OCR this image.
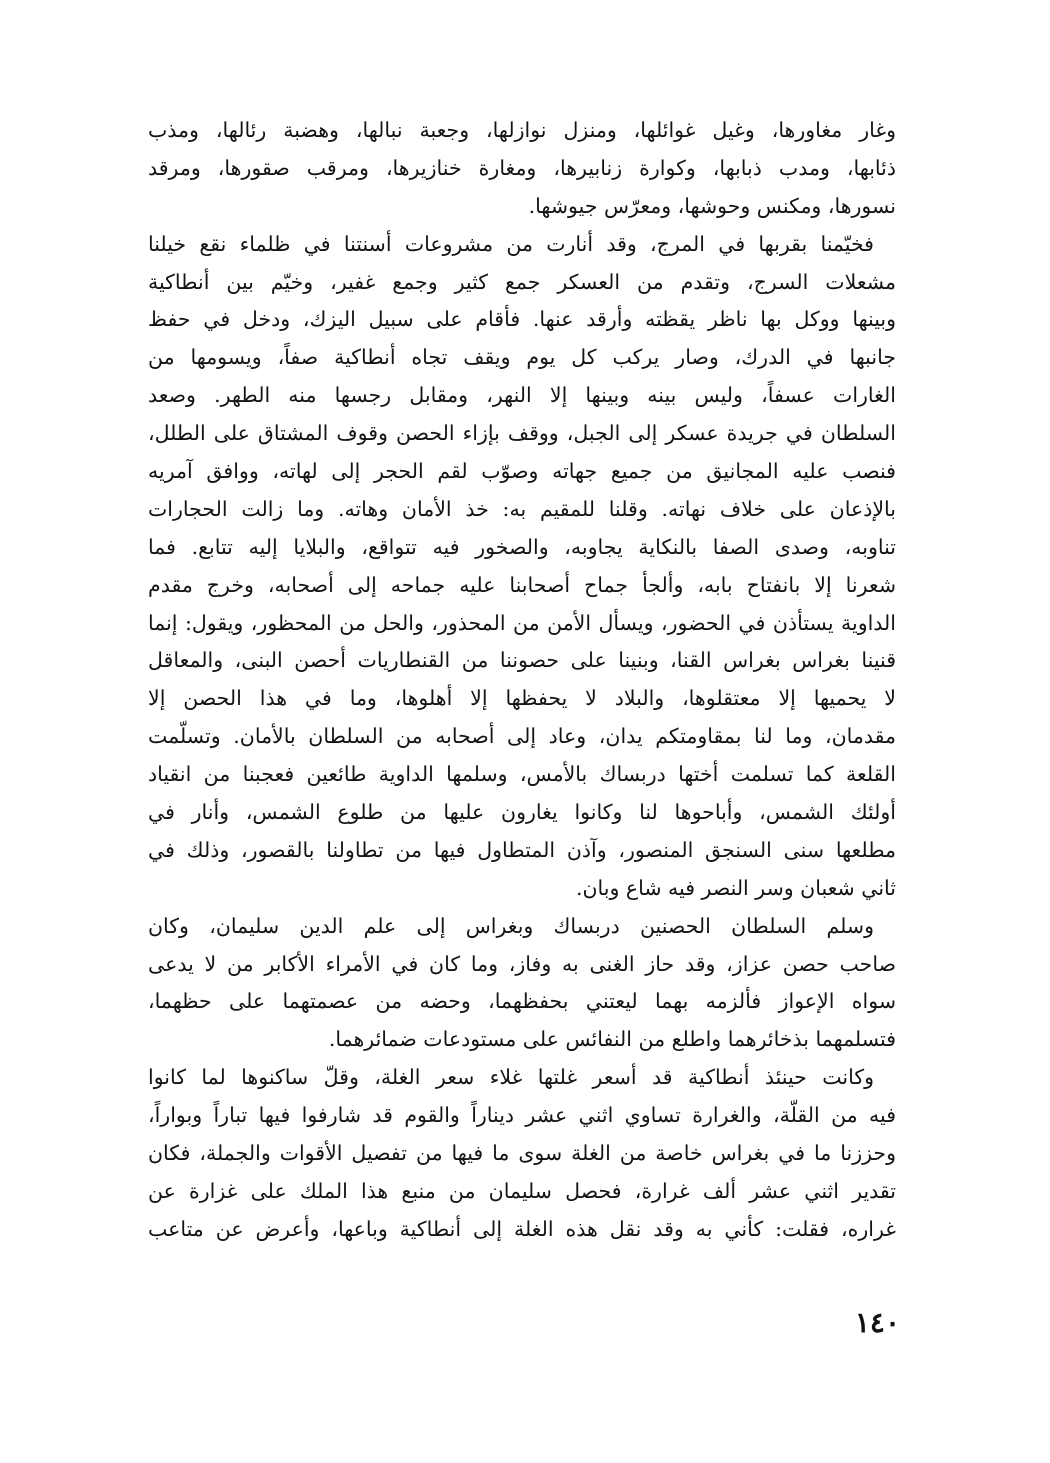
وغار مغاورها، وغيل غوائلها، ومنزل نوازلها، وجعبة نبالها، وهضبة رئالها، ومذب
ذئابها، ومدب ذبابها، وكوارة زنابيرها، ومغارة خنازيرها، ومرقب صقورها، ومرقد
نسورها، ومكنس وحوشها، ومعرّس جيوشها.
فخيّمنا بقربها في المرج، وقد أنارت من مشروعات أسنتنا في ظلماء نقع خيلنا
مشعلات السرج، وتقدم من العسكر جمع كثير وجمع غفير، وخيّم بين أنطاكية
وبينها ووكل بها ناظر يقظته وأرقد عنها. فأقام على سبيل اليزك، ودخل في حفظ
جانبها في الدرك، وصار يركب كل يوم ويقف تجاه أنطاكية صفاً، ويسومها من
الغارات عسفاً، وليس بينه وبينها إلا النهر، ومقابل رجسها منه الطهر. وصعد
السلطان في جريدة عسكر إلى الجبل، ووقف بإزاء الحصن وقوف المشتاق على الطلل،
فنصب عليه المجانيق من جميع جهاته وصوّب لقم الحجر إلى لهاته، ووافق آمريه
بالإذعان على خلاف نهاته. وقلنا للمقيم به: خذ الأمان وهاته. وما زالت الحجارات
تناوبه، وصدى الصفا بالنكاية يجاوبه، والصخور فيه تتواقع، والبلايا إليه تتابع. فما
شعرنا إلا بانفتاح بابه، وألجأ جماح أصحابنا عليه جماحه إلى أصحابه، وخرج مقدم
الداوية يستأذن في الحضور، ويسأل الأمن من المحذور، والحل من المحظور، ويقول: إنما
قنينا بغراس بغراس القنا، وبنينا على حصوننا من القنطاريات أحصن البنى، والمعاقل
لا يحميها إلا معتقلوها، والبلاد لا يحفظها إلا أهلوها، وما في هذا الحصن إلا
مقدمان، وما لنا بمقاومتكم يدان، وعاد إلى أصحابه من السلطان بالأمان. وتسلّمت
القلعة كما تسلمت أختها دربساك بالأمس، وسلمها الداوية طائعين فعجبنا من انقياد
أولئك الشمس، وأباحوها لنا وكانوا يغارون عليها من طلوع الشمس، وأنار في
مطلعها سنى السنجق المنصور، وآذن المتطاول فيها من تطاولنا بالقصور، وذلك في
ثاني شعبان وسر النصر فيه شاع وبان.
وسلم السلطان الحصنين دربساك وبغراس إلى علم الدين سليمان، وكان
صاحب حصن عزاز، وقد حاز الغنى به وفاز، وما كان في الأمراء الأكابر من لا يدعى
سواه الإعواز فألزمه بهما ليعتني بحفظهما، وحضه من عصمتهما على حظهما،
فتسلمهما بذخائرهما واطلع من النفائس على مستودعات ضمائرهما.
وكانت حينئذ أنطاكية قد أسعر غلتها غلاء سعر الغلة، وقلّ ساكنوها لما كانوا
فيه من القلّة، والغرارة تساوي اثني عشر ديناراً والقوم قد شارفوا فيها تباراً وبواراً،
وحززنا ما في بغراس خاصة من الغلة سوى ما فيها من تفصيل الأقوات والجملة، فكان
تقدير اثني عشر ألف غرارة، فحصل سليمان من منبع هذا الملك على غزارة عن
غراره، فقلت: كأني به وقد نقل هذه الغلة إلى أنطاكية وباعها، وأعرض عن متاعب
١٤٠
